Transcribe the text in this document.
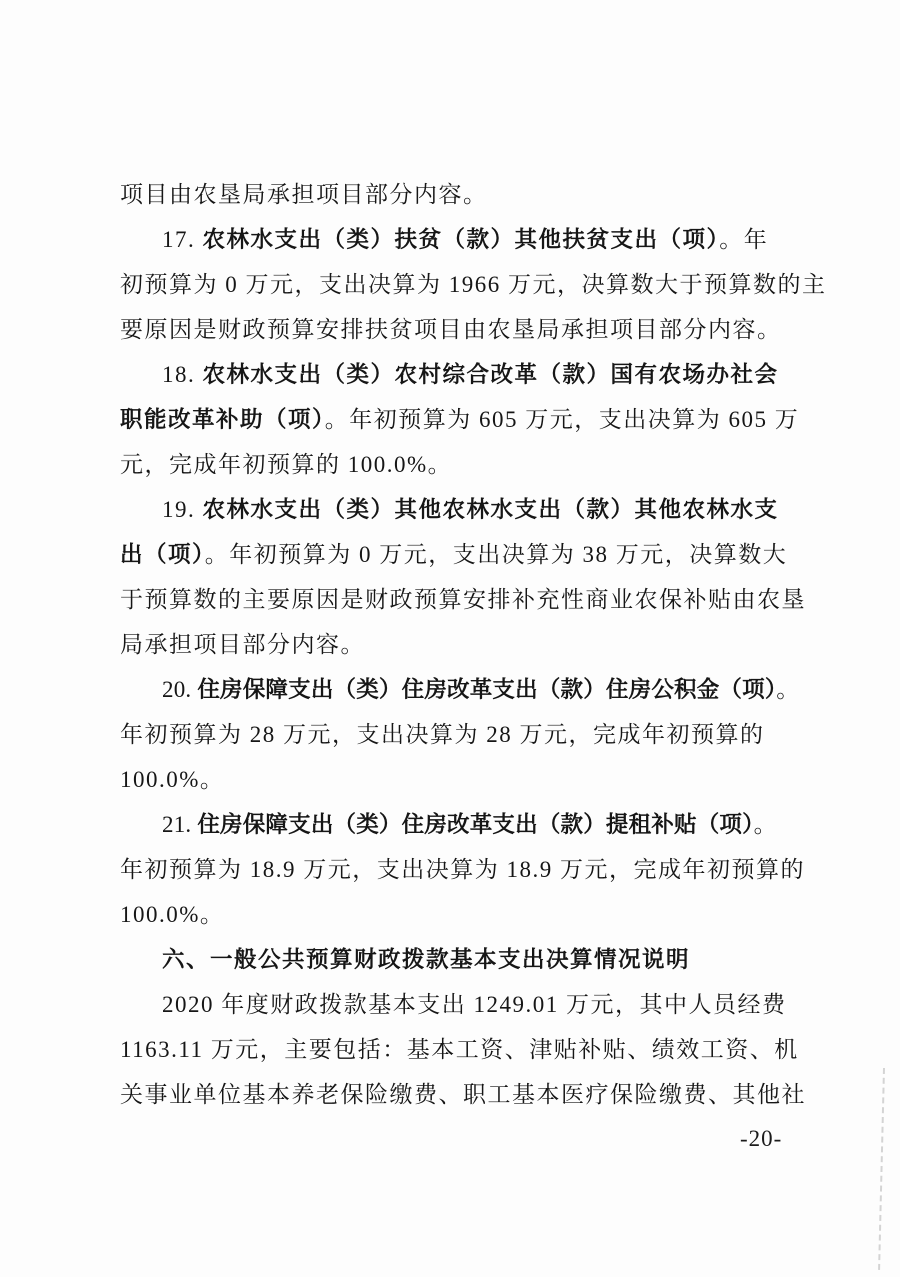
项目由农垦局承担项目部分内容。
17. 农林水支出（类）扶贫（款）其他扶贫支出（项）。年
初预算为 0 万元，支出决算为 1966 万元，决算数大于预算数的主
要原因是财政预算安排扶贫项目由农垦局承担项目部分内容。
18. 农林水支出（类）农村综合改革（款）国有农场办社会
职能改革补助（项）。年初预算为 605 万元，支出决算为 605 万
元，完成年初预算的 100.0%。
19. 农林水支出（类）其他农林水支出（款）其他农林水支
出（项）。年初预算为 0 万元，支出决算为 38 万元，决算数大
于预算数的主要原因是财政预算安排补充性商业农保补贴由农垦
局承担项目部分内容。
20. 住房保障支出（类）住房改革支出（款）住房公积金（项）。
年初预算为 28 万元，支出决算为 28 万元，完成年初预算的
100.0%。
21. 住房保障支出（类）住房改革支出（款）提租补贴（项）。
年初预算为 18.9 万元，支出决算为 18.9 万元，完成年初预算的
100.0%。
六、一般公共预算财政拨款基本支出决算情况说明
2020 年度财政拨款基本支出 1249.01 万元，其中人员经费
1163.11 万元，主要包括：基本工资、津贴补贴、绩效工资、机
关事业单位基本养老保险缴费、职工基本医疗保险缴费、其他社
-20-
